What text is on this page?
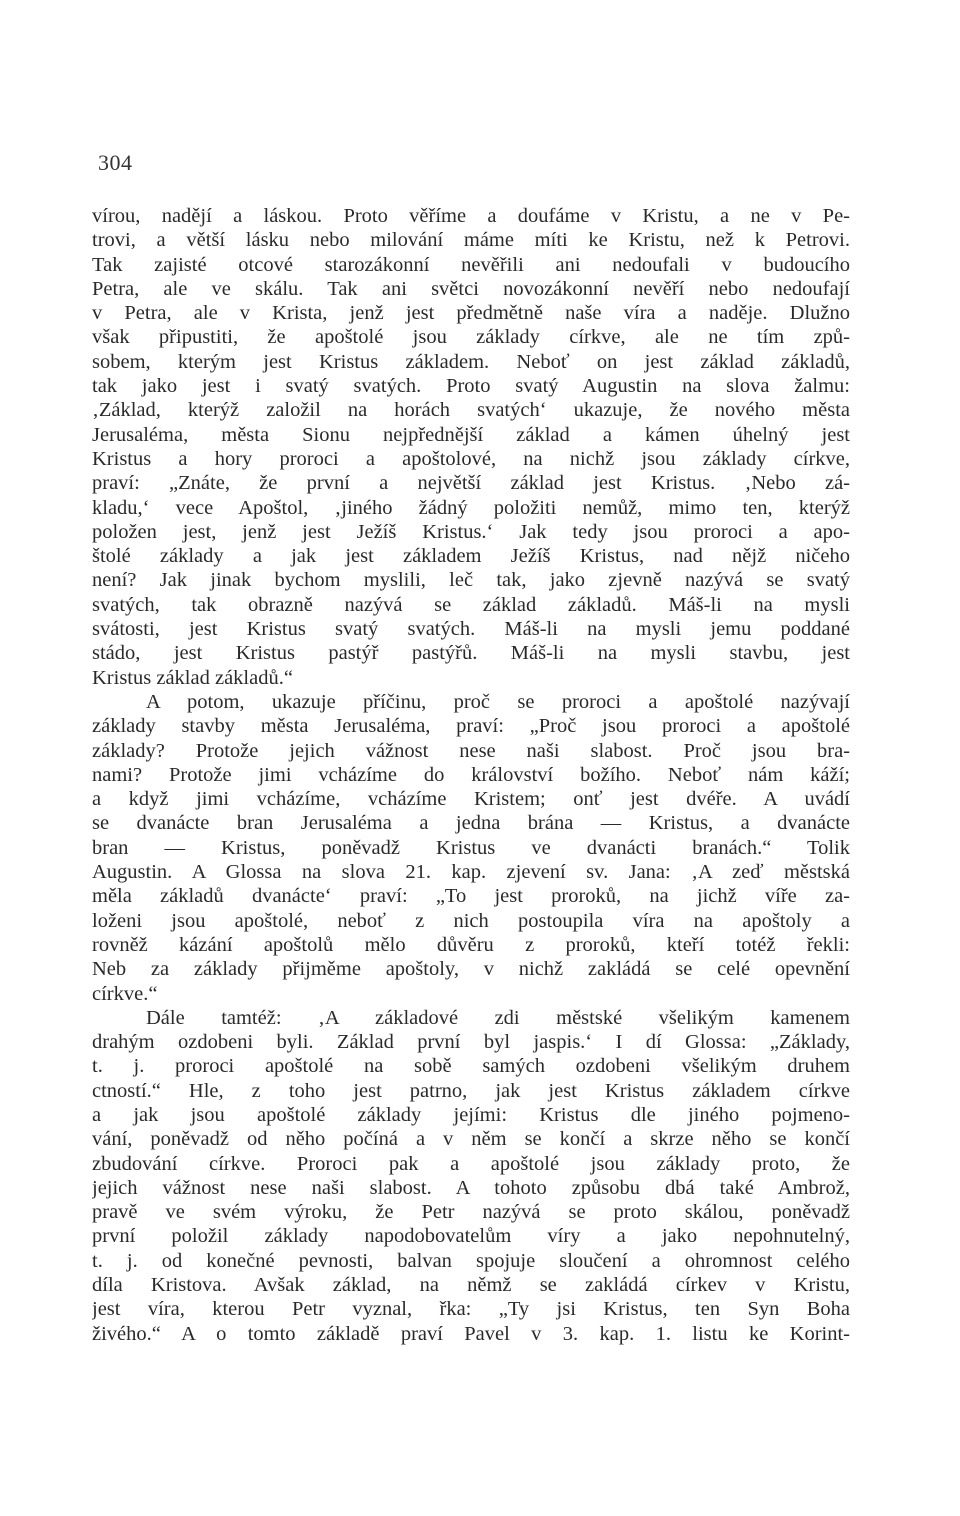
304
vírou, nadějí a láskou. Proto věříme a doufáme v Kristu, a ne v Pe-
trovi, a větší lásku nebo milování máme míti ke Kristu, než k Petrovi.
Tak zajisté otcové starozákonní nevěřili ani nedoufali v budoucího
Petra, ale ve skálu. Tak ani světci novozákonní nevěří nebo nedoufají
v Petra, ale v Krista, jenž jest předmětně naše víra a naděje. Dlužno
však připustiti, že apoštolé jsou základy církve, ale ne tím způ-
sobem, kterým jest Kristus základem. Neboť on jest základ základů,
tak jako jest i svatý svatých. Proto svatý Augustin na slova žalmu:
‚Základ, kterýž založil na horách svatých‘ ukazuje, že nového města
Jerusaléma, města Sionu nejpřednější základ a kámen úhelný jest
Kristus a hory proroci a apoštolové, na nichž jsou základy církve,
praví: „Znáte, že první a největší základ jest Kristus. ‚Nebo zá-
kladu,‘ vece Apoštol, ‚jiného žádný položiti nemůž, mimo ten, kterýž
položen jest, jenž jest Ježíš Kristus.‘ Jak tedy jsou proroci a apo-
štolé základy a jak jest základem Ježíš Kristus, nad nějž ničeho
není? Jak jinak bychom myslili, leč tak, jako zjevně nazývá se svatý
svatých, tak obrazně nazývá se základ základů. Máš-li na mysli
svátosti, jest Kristus svatý svatých. Máš-li na mysli jemu poddané
stádo, jest Kristus pastýř pastýřů. Máš-li na mysli stavbu, jest
Kristus základ základů.“
A potom, ukazuje příčinu, proč se proroci a apoštolé nazývají
základy stavby města Jerusaléma, praví: „Proč jsou proroci a apoštolé
základy? Protože jejich vážnost nese naši slabost. Proč jsou bra-
nami? Protože jimi vcházíme do království božího. Neboť nám káží;
a když jimi vcházíme, vcházíme Kristem; onť jest dvéře. A uvádí
se dvanácte bran Jerusaléma a jedna brána — Kristus, a dvanácte
bran — Kristus, poněvadž Kristus ve dvanácti branách.“ Tolik
Augustin. A Glossa na slova 21. kap. zjevení sv. Jana: ‚A zeď městská
měla základů dvanácte‘ praví: „To jest proroků, na jichž víře za-
loženi jsou apoštolé, neboť z nich postoupila víra na apoštoly a
rovněž kázání apoštolů mělo důvěru z proroků, kteří totéž řekli:
Neb za základy přijměme apoštoly, v nichž zakládá se celé opevnění
církve.“
Dále tamtéž: ‚A základové zdi městské všelikým kamenem
drahým ozdobeni byli. Základ první byl jaspis.‘ I dí Glossa: „Základy,
t. j. proroci apoštolé na sobě samých ozdobeni všelikým druhem
ctností.“ Hle, z toho jest patrno, jak jest Kristus základem církve
a jak jsou apoštolé základy jejími: Kristus dle jiného pojmeno-
vání, poněvadž od něho počíná a v něm se končí a skrze něho se končí
zbudování církve. Proroci pak a apoštolé jsou základy proto, že
jejich vážnost nese naši slabost. A tohoto způsobu dbá také Ambrož,
pravě ve svém výroku, že Petr nazývá se proto skálou, poněvadž
první položil základy napodobovatelům víry a jako nepohnutelný,
t. j. od konečné pevnosti, balvan spojuje sloučení a ohromnost celého
díla Kristova. Avšak základ, na němž se zakládá církev v Kristu,
jest víra, kterou Petr vyznal, řka: „Ty jsi Kristus, ten Syn Boha
živého.“ A o tomto základě praví Pavel v 3. kap. 1. listu ke Korint-
